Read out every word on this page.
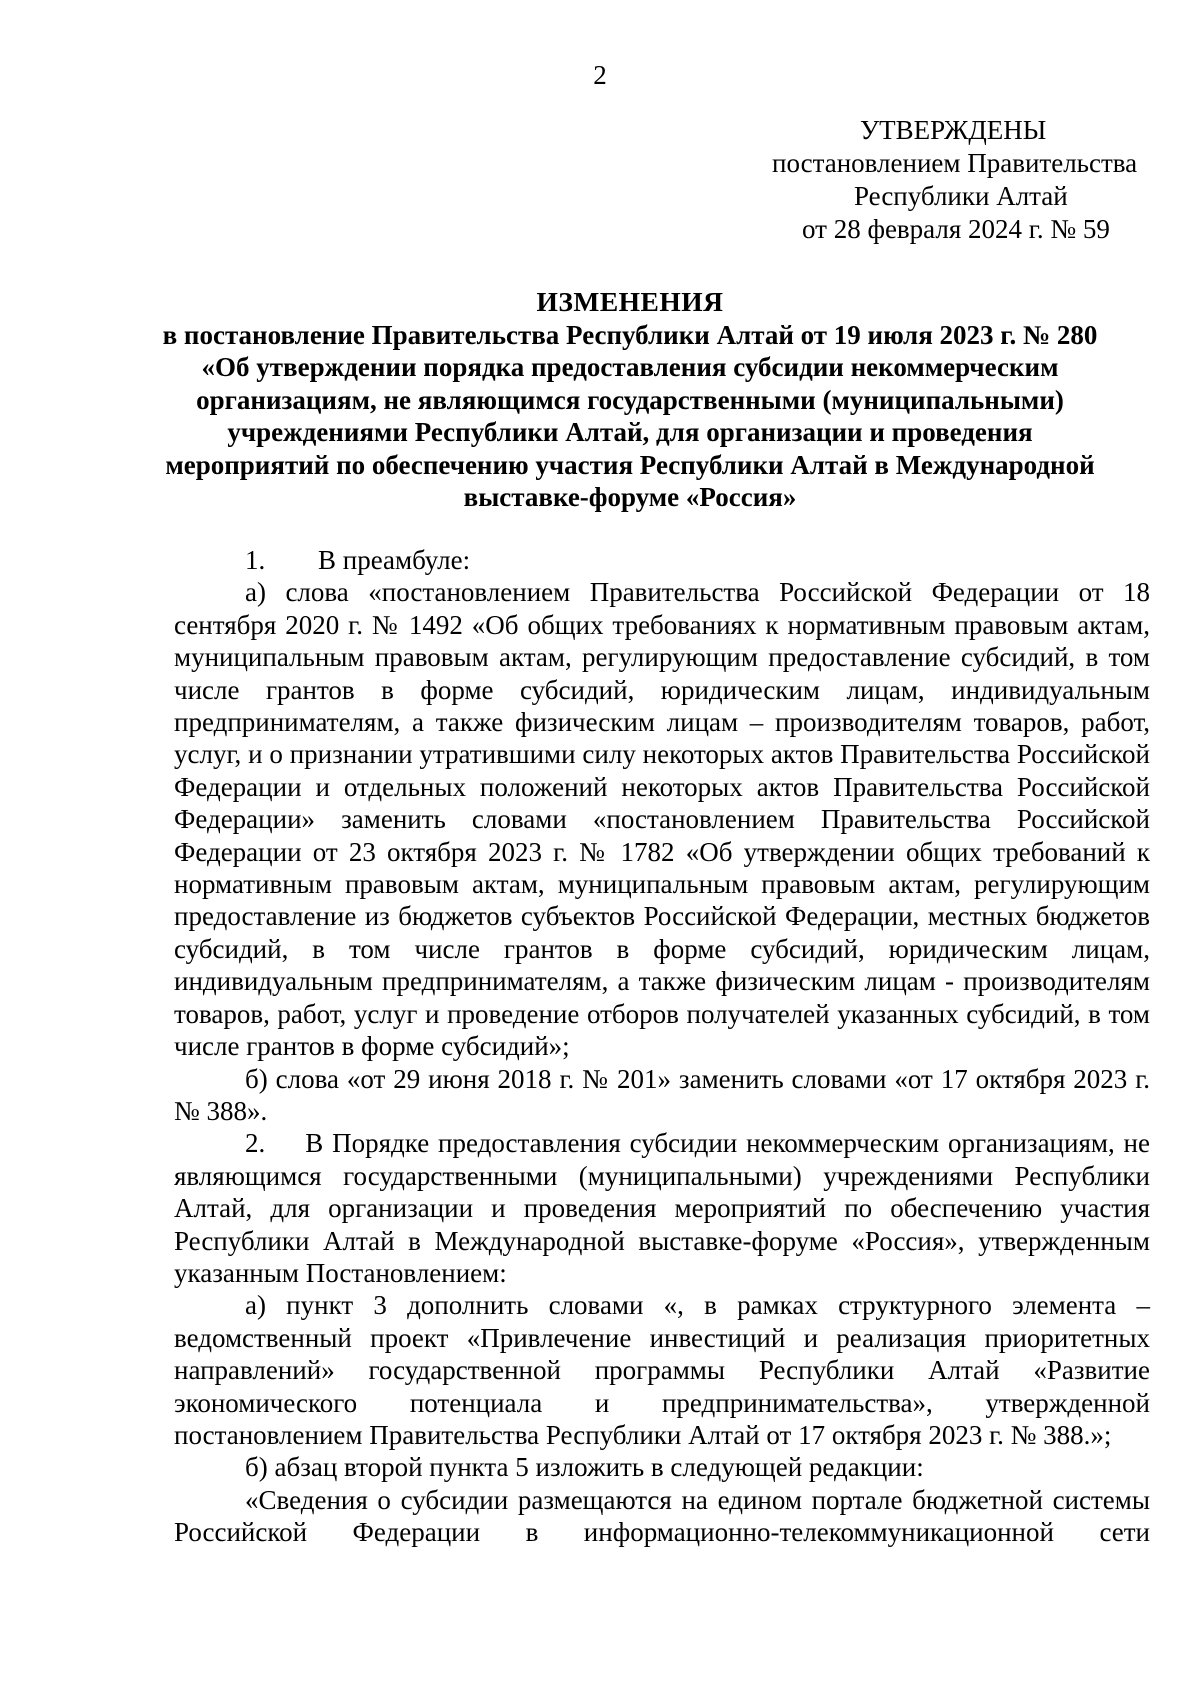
2
УТВЕРЖДЕНЫ
постановлением Правительства
Республики Алтай
от 28 февраля 2024 г. № 59
ИЗМЕНЕНИЯ
в постановление Правительства Республики Алтай от 19 июля 2023 г. № 280
«Об утверждении порядка предоставления субсидии некоммерческим
организациям, не являющимся государственными (муниципальными)
учреждениями Республики Алтай, для организации и проведения
мероприятий по обеспечению участия Республики Алтай в Международной
выставке-форуме «Россия»
1.	В преамбуле:
а) слова «постановлением Правительства Российской Федерации от 18 сентября 2020 г. № 1492 «Об общих требованиях к нормативным правовым актам, муниципальным правовым актам, регулирующим предоставление субсидий, в том числе грантов в форме субсидий, юридическим лицам, индивидуальным предпринимателям, а также физическим лицам – производителям товаров, работ, услуг, и о признании утратившими силу некоторых актов Правительства Российской Федерации и отдельных положений некоторых актов Правительства Российской Федерации» заменить словами «постановлением Правительства Российской Федерации от 23 октября 2023 г. № 1782 «Об утверждении общих требований к нормативным правовым актам, муниципальным правовым актам, регулирующим предоставление из бюджетов субъектов Российской Федерации, местных бюджетов субсидий, в том числе грантов в форме субсидий, юридическим лицам, индивидуальным предпринимателям, а также физическим лицам - производителям товаров, работ, услуг и проведение отборов получателей указанных субсидий, в том числе грантов в форме субсидий»;
б) слова «от 29 июня 2018 г. № 201» заменить словами «от 17 октября 2023 г. № 388».
2. В Порядке предоставления субсидии некоммерческим организациям, не являющимся государственными (муниципальными) учреждениями Республики Алтай, для организации и проведения мероприятий по обеспечению участия Республики Алтай в Международной выставке-форуме «Россия», утвержденным указанным Постановлением:
а) пункт 3 дополнить словами «, в рамках структурного элемента – ведомственный проект «Привлечение инвестиций и реализация приоритетных направлений» государственной программы Республики Алтай «Развитие экономического потенциала и предпринимательства», утвержденной постановлением Правительства Республики Алтай от 17 октября 2023 г. № 388.»;
б) абзац второй пункта 5 изложить в следующей редакции:
«Сведения о субсидии размещаются на едином портале бюджетной системы Российской Федерации в информационно-телекоммуникационной сети
